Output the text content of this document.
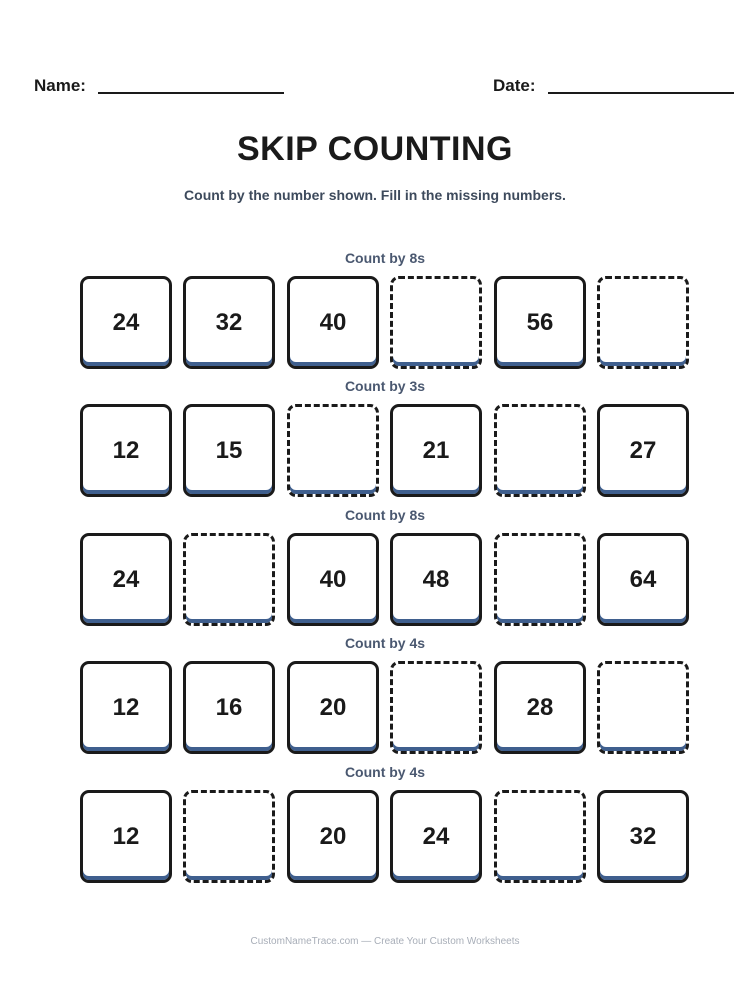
Name:	Date:
SKIP COUNTING
Count by the number shown. Fill in the missing numbers.
Count by 8s
24	32	40	56
Count by 3s
12	15	21	27
Count by 8s
24	40	48	64
Count by 4s
12	16	20	28
Count by 4s
12	20	24	32
CustomNameTrace.com — Create Your Custom Worksheets
